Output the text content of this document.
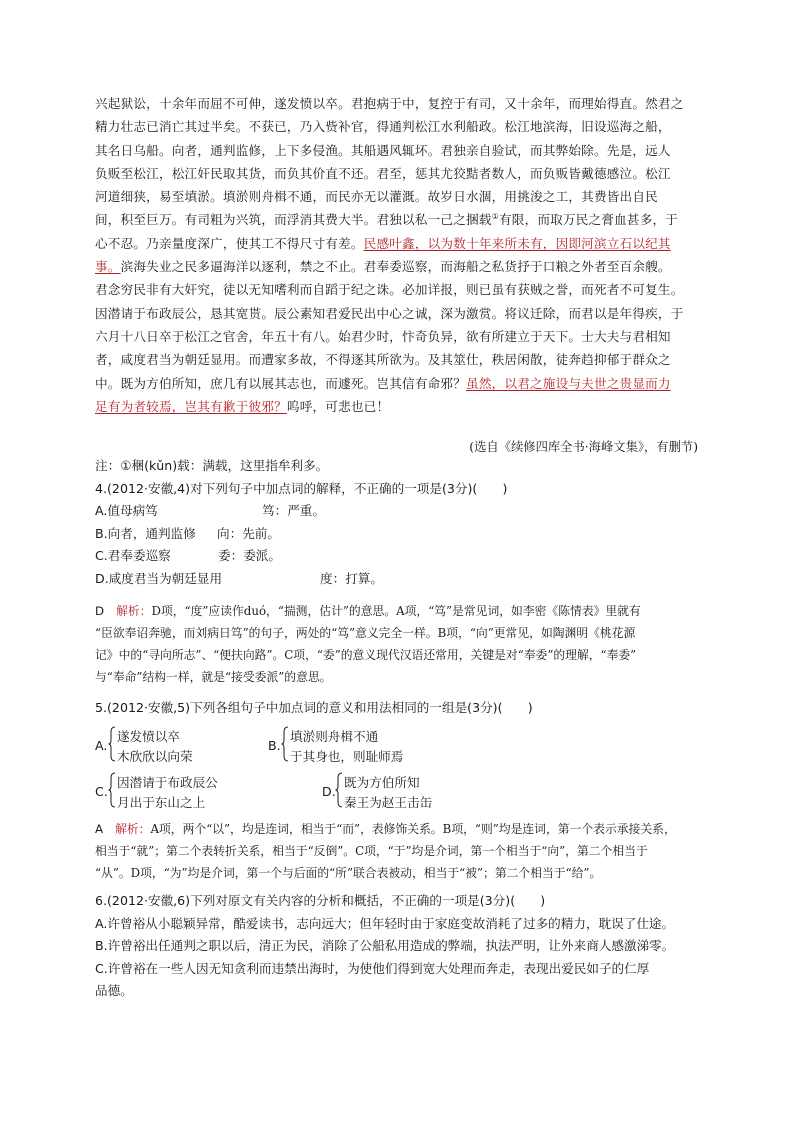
兴起狱讼，十余年而屈不可伸，遂发愤以卒。君抱病于中，复控于有司，又十余年，而理始得直。然君之
精力壮志已消亡其过半矣。不获已，乃入赀补官，得通判松江水利船政。松江地滨海，旧设巡海之船，
其名日乌船。向者，通判监修，上下多侵渔。其船遇风辄坏。君独亲自验试，而其弊始除。先是，远人
负贩至松江，松江奸民取其货，而负其价直不还。君至，惩其尤狡黠者数人，而负贩皆戴德感泣。松江
河道细狭，易至填淤。填淤则舟楫不通，而民亦无以灌溉。故岁日水涸，用挑浚之工，其费皆出自民
间，积至巨万。有司粗为兴筑，而浮消其费大半。君独以私一己之捆载①有限，而取万民之膏血甚多，于
心不忍。乃亲量度深广，使其工不得尺寸有差。民感叶鑫，以为数十年来所未有，因即河滨立石以纪其
事。滨海失业之民多逼海洋以逐利，禁之不止。君奉委巡察，而海船之私货抒于口粮之外者至百余艘。
君念穷民非有大奸究，徒以无知嗜利而自蹈于纪之诛。必加详报，则已虽有获贼之誉，而死者不可复生。
因潜请于布政辰公，恳其宽贳。辰公素知君爱民出中心之诚，深为激赏。将议迁除，而君以是年得疾，于
六月十八日卒于松江之官舍，年五十有八。始君少时，忭奇负异，欲有所建立于天下。士大夫与君相知
者，咸度君当为朝廷显用。而遭家多故，不得逐其所欲为。及其筮仕，秩居闲散，徒奔趋抑郁于群众之
中。既为方伯所知，庶几有以展其志也，而遽死。岂其信有命邪？虽然，以君之施设与夫世之贵显而力
足有为者较焉，岂其有歉于彼邪？呜呼，可悲也已！
(选自《续修四库全书·海峰文集》，有删节)
注：①稇(kǔn)载：满载，这里指牟利多。
4.(2012·安徽,4)对下列句子中加点词的解释，不正确的一项是(3分)(　　)
A.值母病笃	笃：严重。
B.向者，通判监修 向：先前。
C.君奉委巡察	委：委派。
D.咸度君当为朝廷显用	度：打算。
D 解析：D项，“度”应读作duó，“揣测，估计”的意思。A项，“笃”是常见词，如李密《陈情表》里就有
“臣欲奉诏奔驰，而刘病日笃”的句子，两处的“笃”意义完全一样。B项，“向”更常见，如陶渊明《桃花源
记》中的“寻向所志”、“便扶向路”。C项，“委”的意义现代汉语还常用，关键是对“奉委”的理解，“奉委”
与“奉命”结构一样，就是“接受委派”的意思。
5.(2012·安徽,5)下列各组句子中加点词的意义和用法相同的一组是(3分)(　　)
A.
遂发愤以卒
木欣欣以向荣
B.
填淤则舟楫不通
于其身也，则耻师焉
C.
因潜请于布政辰公
月出于东山之上
D.
既为方伯所知
秦王为赵王击缶
A 解析：A项，两个“以”，均是连词，相当于“而”，表修饰关系。B项，“则”均是连词，第一个表示承接关系，
相当于“就”；第二个表转折关系，相当于“反倒”。C项，“于”均是介词，第一个相当于“向”，第二个相当于
“从”。D项，“为”均是介词，第一个与后面的“所”联合表被动，相当于“被”；第二个相当于“给”。
6.(2012·安徽,6)下列对原文有关内容的分析和概括，不正确的一项是(3分)(　　)
A.许曾裕从小聪颖异常，酷爱读书，志向远大；但年轻时由于家庭变故消耗了过多的精力，耽误了仕途。
B.许曾裕出任通判之职以后，清正为民，消除了公船私用造成的弊端，执法严明，让外来商人感激涕零。
C.许曾裕在一些人因无知贪利而违禁出海时，为使他们得到宽大处理而奔走，表现出爱民如子的仁厚
品德。
